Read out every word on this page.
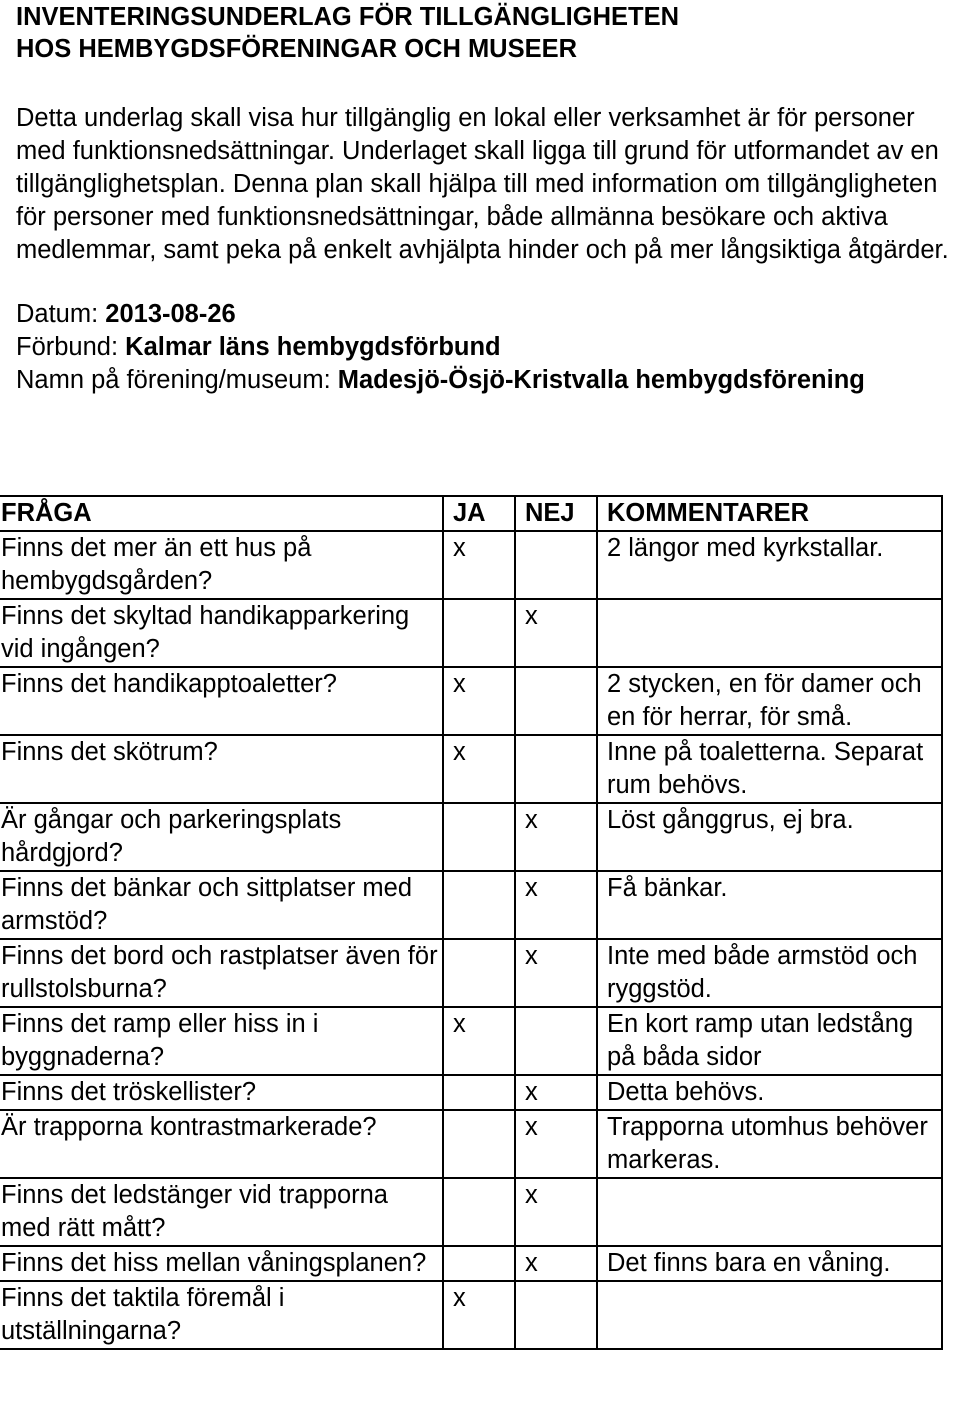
INVENTERINGSUNDERLAG FÖR TILLGÄNGLIGHETEN HOS HEMBYGDSFÖRENINGAR OCH MUSEER

Detta underlag skall visa hur tillgänglig en lokal eller verksamhet är för personer med funktionsnedsättningar. Underlaget skall ligga till grund för utformandet av en tillgänglighetsplan. Denna plan skall hjälpa till med information om tillgängligheten för personer med funktionsnedsättningar, både allmänna besökare och aktiva medlemmar, samt peka på enkelt avhjälpta hinder och på mer långsiktiga åtgärder.

Datum: 2013-08-26
Förbund: Kalmar läns hembygdsförbund
Namn på förening/museum: Madesjö-Ösjö-Kristvalla hembygdsförening
FRÅGA	JA	NEJ	KOMMENTARER
Finns det mer än ett hus på hembygdsgården?	x		2 längor med kyrkstallar.
Finns det skyltad handikapparkering vid ingången?		x	
Finns det handikapptoaletter?	x		2 stycken, en för damer och en för herrar, för små.
Finns det skötrum?	x		Inne på toaletterna. Separat rum behövs.
Är gångar och parkeringsplats hårdgjord?		x	Löst gånggrus, ej bra.
Finns det bänkar och sittplatser med armstöd?		x	Få bänkar.
Finns det bord och rastplatser även för rullstolsburna?		x	Inte med både armstöd och ryggstöd.
Finns det ramp eller hiss in i byggnaderna?	x		En kort ramp utan ledstång på båda sidor
Finns det tröskellister?		x	Detta behövs.
Är trapporna kontrastmarkerade?		x	Trapporna utomhus behöver markeras.
Finns det ledstänger vid trapporna med rätt mått?		x	
Finns det hiss mellan våningsplanen?		x	Det finns bara en våning.
Finns det taktila föremål i utställningarna?	x		
